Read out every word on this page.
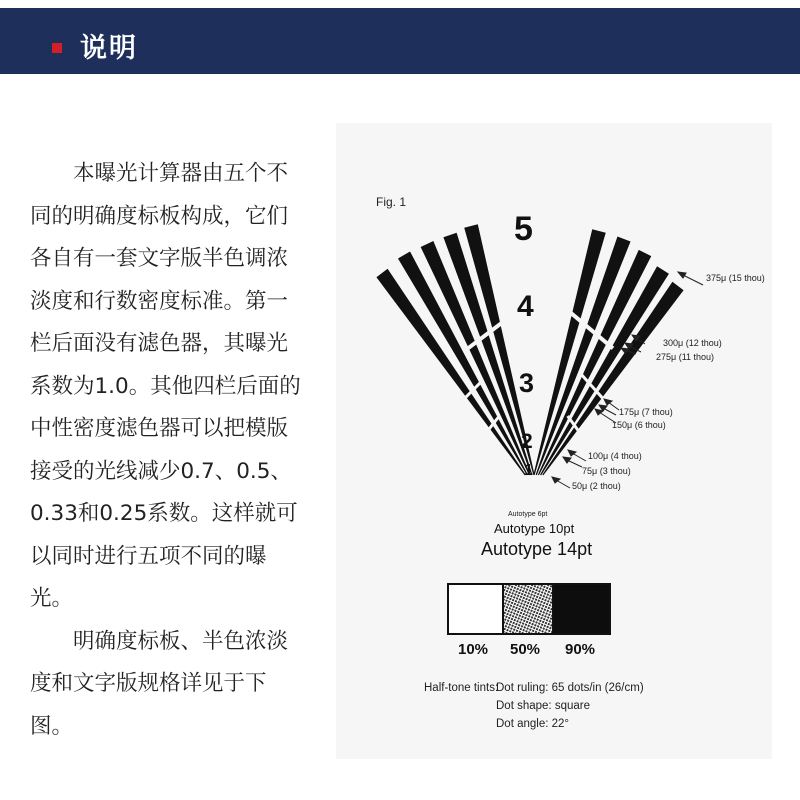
说明

本曝光计算器由五个不同的明确度标板构成，它们各自有一套文字版半色调浓淡度和行数密度标准。第一栏后面没有滤色器，其曝光系数为1.0。其他四栏后面的中性密度滤色器可以把模版接受的光线减少0.7、0.5、0.33和0.25系数。这样就可以同时进行五项不同的曝光。

明确度标板、半色浓淡度和文字版规格详见于下图。

Fig. 1
5
4
3
2
1
375μ (15 thou)
300μ (12 thou)
275μ (11 thou)
175μ (7 thou)
150μ (6 thou)
100μ (4 thou)
75μ (3 thou)
50μ (2 thou)
Autotype 6pt
Autotype 10pt
Autotype 14pt
10% 50% 90%
Half-tone tints:
Dot ruling: 65 dots/in (26/cm)
Dot shape: square
Dot angle: 22°
